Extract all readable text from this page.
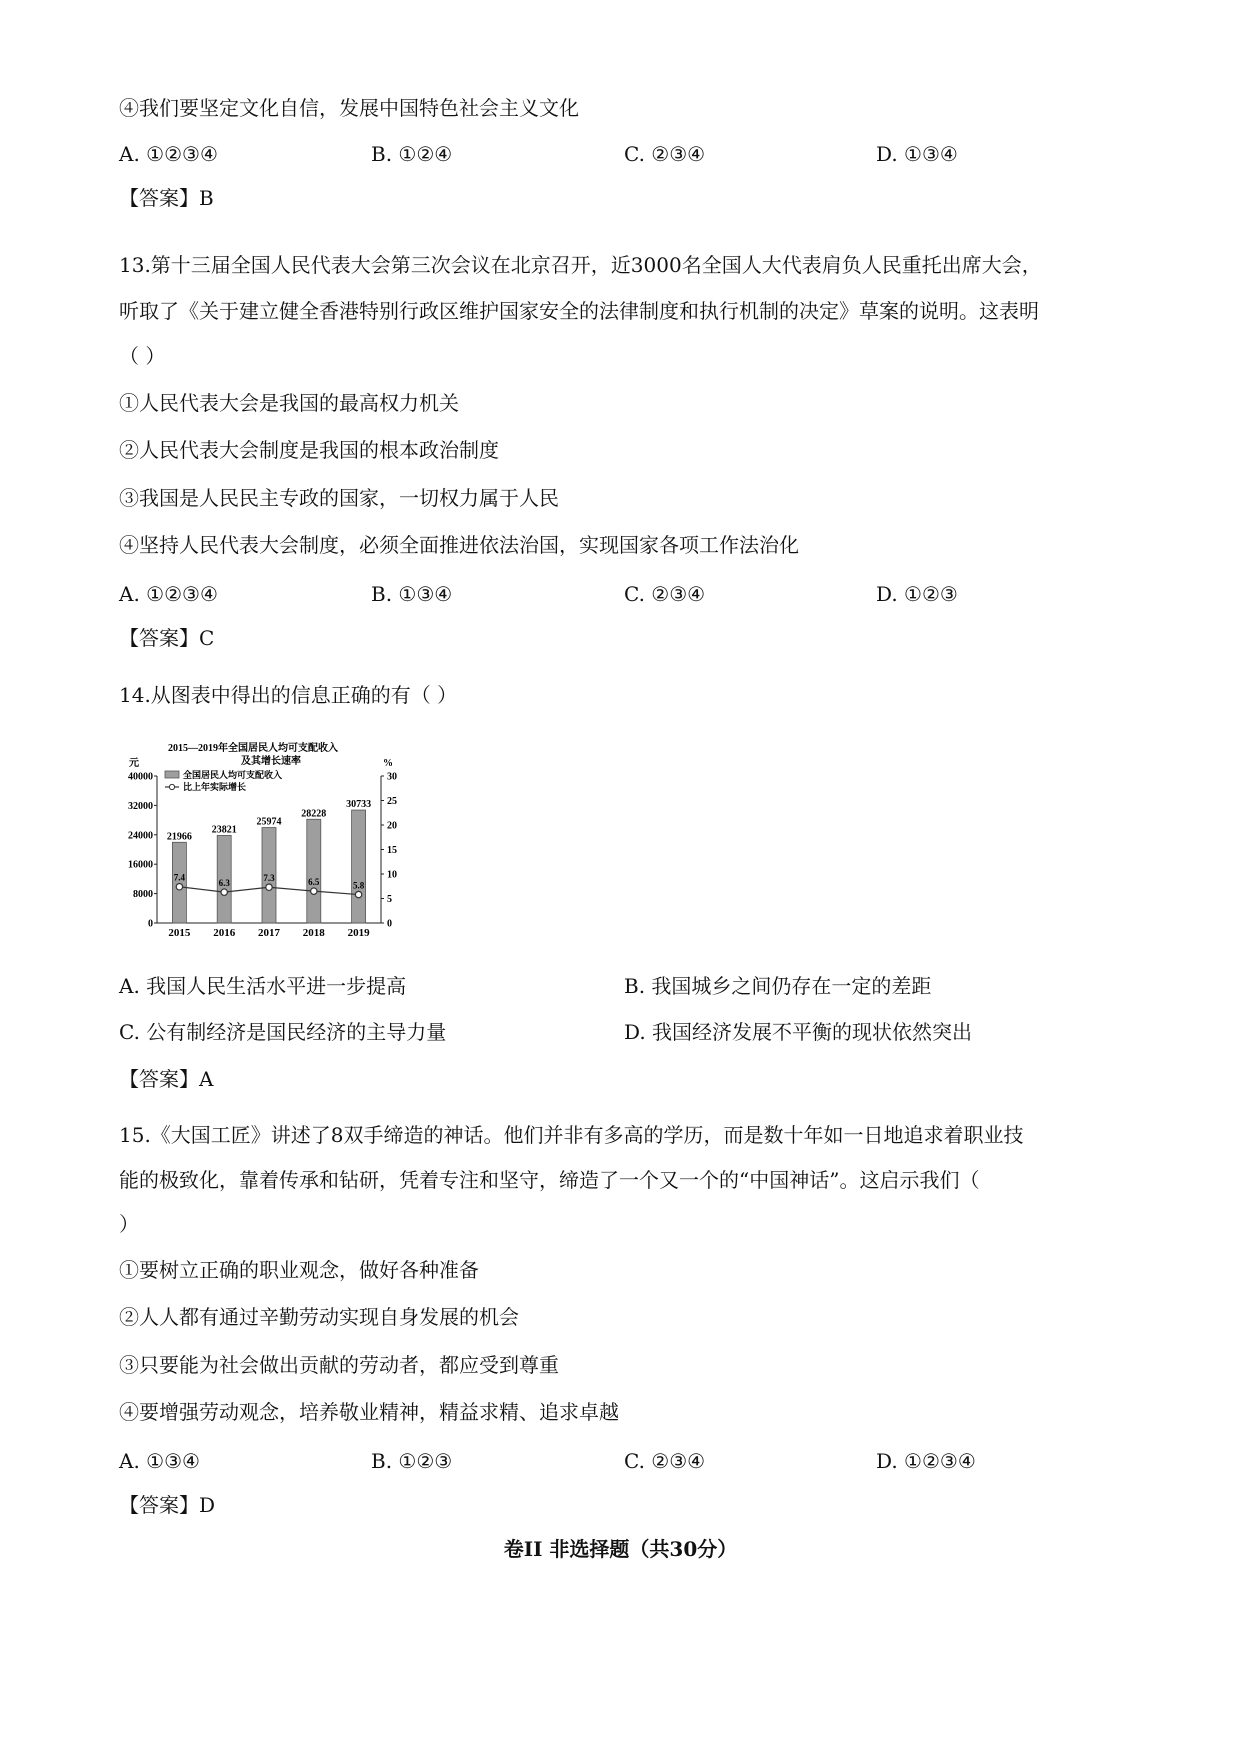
④我们要坚定文化自信，发展中国特色社会主义文化
A. ①②③④	B. ①②④	C. ②③④	D. ①③④
【答案】B
13.第十三届全国人民代表大会第三次会议在北京召开，近3000名全国人大代表肩负人民重托出席大会，
听取了《关于建立健全香港特别行政区维护国家安全的法律制度和执行机制的决定》草案的说明。这表明
（ ）
①人民代表大会是我国的最高权力机关
②人民代表大会制度是我国的根本政治制度
③我国是人民民主专政的国家，一切权力属于人民
④坚持人民代表大会制度，必须全面推进依法治国，实现国家各项工作法治化
A. ①②③④	B. ①③④	C. ②③④	D. ①②③
【答案】C
14.从图表中得出的信息正确的有（ ）
2015—2019年全国居民人均可支配收入
及其增长速率
元	%
0
8000
16000
24000
32000
40000
0
5
10
15
20
25
30
21966
2015
23821
2016
25974
2017
28228
2018
30733
2019
7.4
6.3	7.3	6.5	5.8
全国居民人均可支配收入
比上年实际增长
A. 我国人民生活水平进一步提高	B. 我国城乡之间仍存在一定的差距
C. 公有制经济是国民经济的主导力量	D. 我国经济发展不平衡的现状依然突出
【答案】A
15.《大国工匠》讲述了8双手缔造的神话。他们并非有多高的学历，而是数十年如一日地追求着职业技
能的极致化，靠着传承和钻研，凭着专注和坚守，缔造了一个又一个的“中国神话”。这启示我们（
）
①要树立正确的职业观念，做好各种准备
②人人都有通过辛勤劳动实现自身发展的机会
③只要能为社会做出贡献的劳动者，都应受到尊重
④要增强劳动观念，培养敬业精神，精益求精、追求卓越
A. ①③④	B. ①②③	C. ②③④	D. ①②③④
【答案】D
卷II 非选择题（共30分）
